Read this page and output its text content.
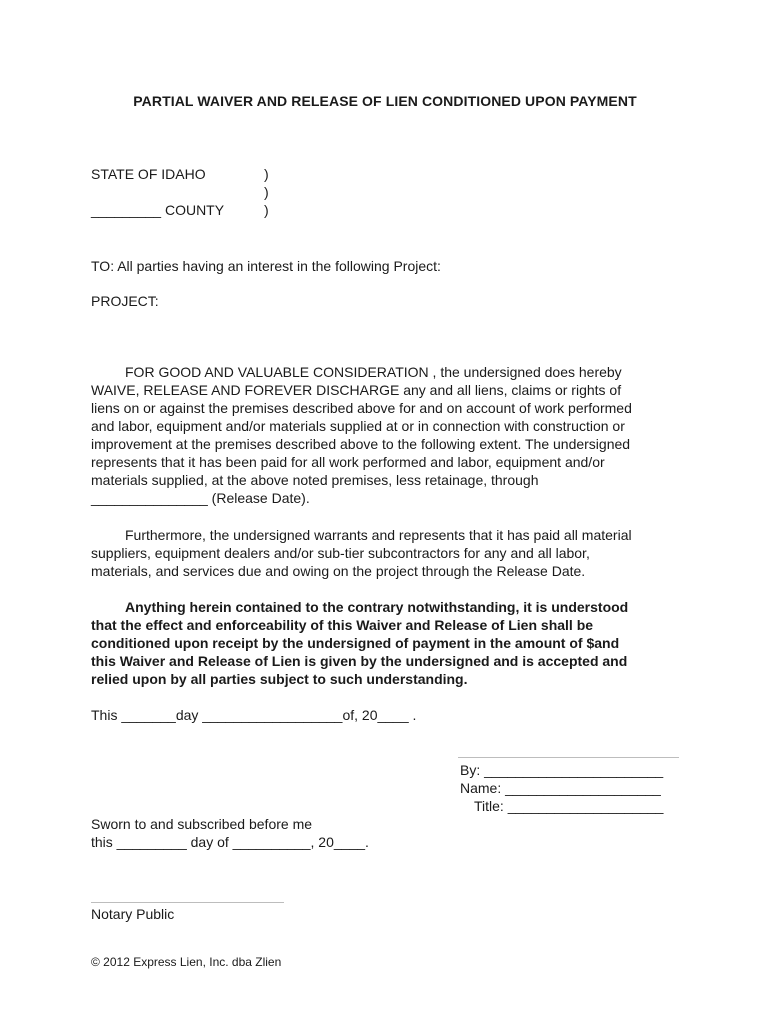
PARTIAL WAIVER AND RELEASE OF LIEN CONDITIONED UPON PAYMENT
STATE OF IDAHO	)
)
_________ COUNTY	)
TO: All parties having an interest in the following Project:
PROJECT:
FOR GOOD AND VALUABLE CONSIDERATION , the undersigned does hereby
WAIVE, RELEASE AND FOREVER DISCHARGE any and all liens, claims or rights of
liens on or against the premises described above for and on account of work performed
and labor, equipment and/or materials supplied at or in connection with construction or
improvement at the premises described above to the following extent. The undersigned
represents that it has been paid for all work performed and labor, equipment and/or
materials supplied, at the above noted premises, less retainage, through
_______________ (Release Date).
Furthermore, the undersigned warrants and represents that it has paid all material
suppliers, equipment dealers and/or sub-tier subcontractors for any and all labor,
materials, and services due and owing on the project through the Release Date.
Anything herein contained to the contrary notwithstanding, it is understood
that the effect and enforceability of this Waiver and Release of Lien shall be
conditioned upon receipt by the undersigned of payment in the amount of $and
this Waiver and Release of Lien is given by the undersigned and is accepted and
relied upon by all parties subject to such understanding.
This _______day __________________of, 20____ .
By: _______________________
Name: ____________________
Title: ____________________
Sworn to and subscribed before me
this _________ day of __________, 20____.
Notary Public
© 2012 Express Lien, Inc. dba Zlien
